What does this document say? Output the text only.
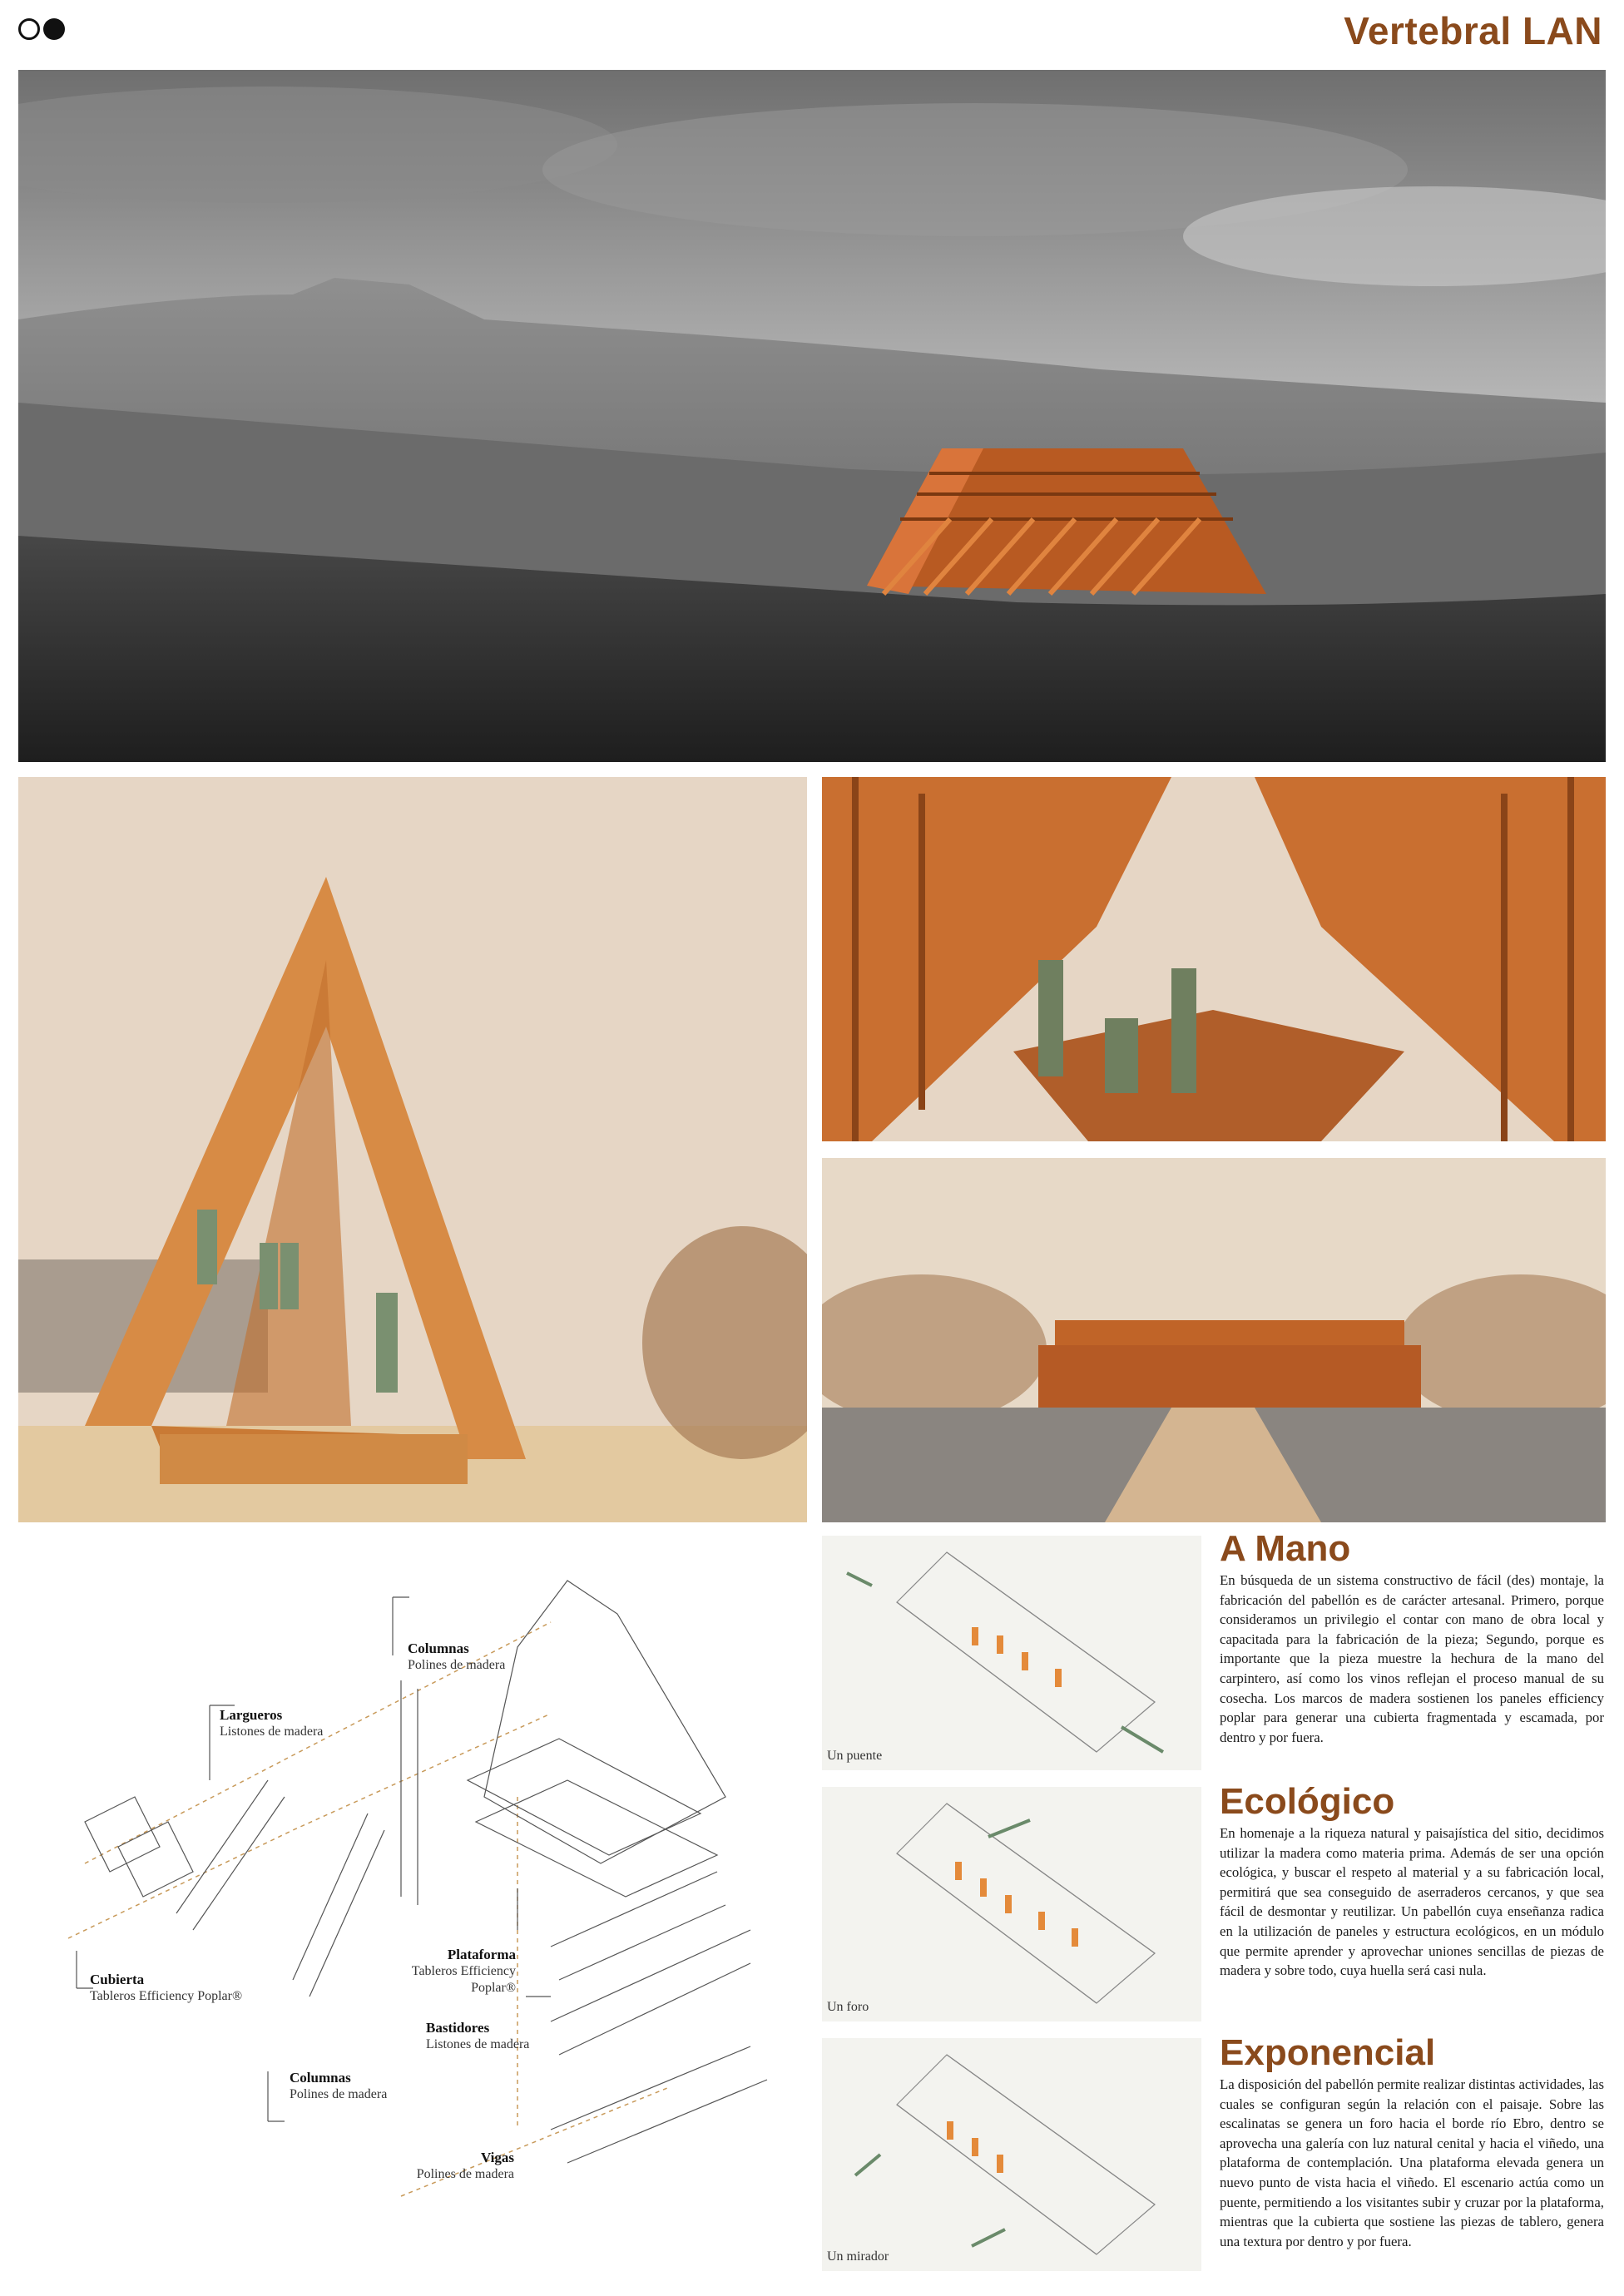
Vertebral LAN
Cubierta
Tableros Efficiency Poplar®
Largueros
Listones de madera
Columnas
Polines de madera
Plataforma
Tableros Efficiency Poplar®
Bastidores
Listones de madera
Columnas
Polines de madera
Vigas
Polines de madera
Un puente
Un foro
Un mirador
A Mano
En búsqueda de un sistema constructivo de fácil (des) montaje, la fabricación del pabellón es de carácter artesanal. Primero, porque consideramos un privilegio el contar con mano de obra local y capacitada para la fabricación de la pieza; Segundo, porque es importante que la pieza muestre la hechura de la mano del carpintero, así como los vinos reflejan el proceso manual de su cosecha. Los marcos de madera sostienen los paneles efficiency poplar para generar una cubierta fragmentada y escamada, por dentro y por fuera.
Ecológico
En homenaje a la riqueza natural y paisajística del sitio, decidimos utilizar la madera como materia prima. Además de ser una opción ecológica, y buscar el respeto al material y a su fabricación local, permitirá que sea conseguido de aserraderos cercanos, y que sea fácil de desmontar y reutilizar. Un pabellón cuya enseñanza radica en la utilización de paneles y estructura ecológicos, en un módulo que permite aprender y aprovechar uniones sencillas de piezas de madera y sobre todo, cuya huella será casi nula.
Exponencial
La disposición del pabellón permite realizar distintas actividades, las cuales se configuran según la relación con el paisaje. Sobre las escalinatas se genera un foro hacia el borde río Ebro, dentro se aprovecha una galería con luz natural cenital y hacia el viñedo, una plataforma de contemplación. Una plataforma elevada genera un nuevo punto de vista hacia el viñedo. El escenario actúa como un puente, permitiendo a los visitantes subir y cruzar por la plataforma, mientras que la cubierta que sostiene las piezas de tablero, genera una textura por dentro y por fuera.
